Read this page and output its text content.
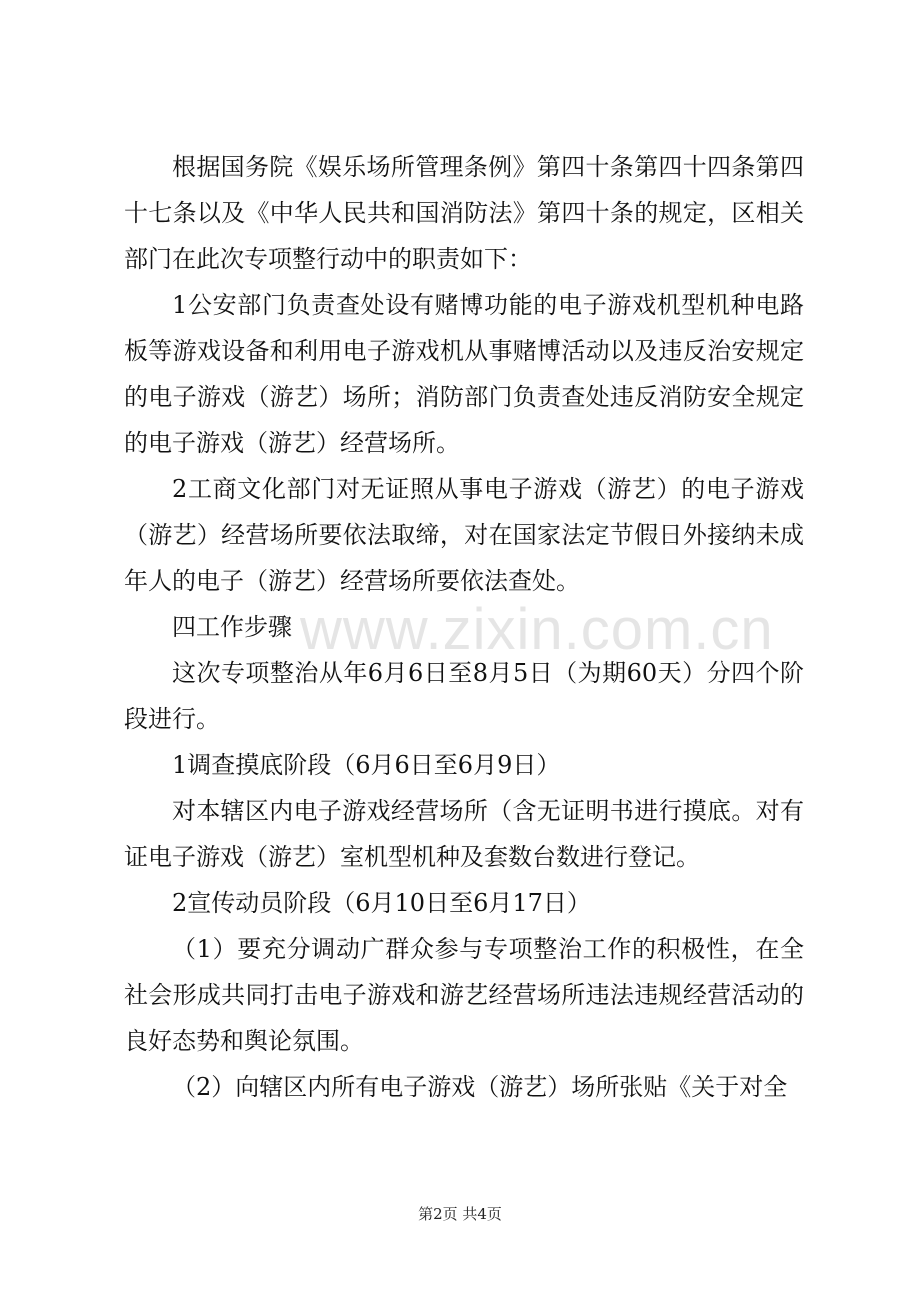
根据国务院《娱乐场所管理条例》第四十条第四十四条第四十七条以及《中华人民共和国消防法》第四十条的规定，区相关部门在此次专项整行动中的职责如下：

1公安部门负责查处设有赌博功能的电子游戏机型机种电路板等游戏设备和利用电子游戏机从事赌博活动以及违反治安规定的电子游戏（游艺）场所；消防部门负责查处违反消防安全规定的电子游戏（游艺）经营场所。

2工商文化部门对无证照从事电子游戏（游艺）的电子游戏（游艺）经营场所要依法取缔，对在国家法定节假日外接纳未成年人的电子（游艺）经营场所要依法查处。

四工作步骤

这次专项整治从年6月6日至8月5日（为期60天）分四个阶段进行。

1调查摸底阶段（6月6日至6月9日）

对本辖区内电子游戏经营场所（含无证明书进行摸底。对有证电子游戏（游艺）室机型机种及套数台数进行登记。

2宣传动员阶段（6月10日至6月17日）

（1）要充分调动广群众参与专项整治工作的积极性，在全社会形成共同打击电子游戏和游艺经营场所违法违规经营活动的良好态势和舆论氛围。

（2）向辖区内所有电子游戏（游艺）场所张贴《关于对全

www.zixin.com.cn
第2页 共4页
